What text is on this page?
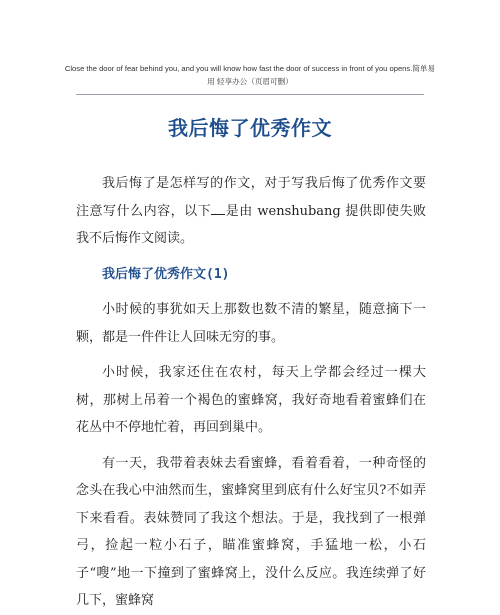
Close the door of fear behind you, and you will know how fast the door of success in front of you opens.简单易
用 轻享办公（页眉可删）
我后悔了优秀作文

我后悔了是怎样写的作文，对于写我后悔了优秀作文要注意写什么内容，以下 是由 wenshubang 提供即使失败我不后悔作文阅读。

我后悔了优秀作文(1)

小时候的事犹如天上那数也数不清的繁星，随意摘下一颗，都是一件件让人回味无穷的事。

小时候，我家还住在农村，每天上学都会经过一棵大树，那树上吊着一个褐色的蜜蜂窝，我好奇地看着蜜蜂们在花丛中不停地忙着，再回到巢中。

有一天，我带着表妹去看蜜蜂，看着看着，一种奇怪的念头在我心中油然而生，蜜蜂窝里到底有什么好宝贝?不如弄下来看看。表妹赞同了我这个想法。于是，我找到了一根弹弓，捡起一粒小石子，瞄准蜜蜂窝，手猛地一松，小石子“嗖”地一下撞到了蜜蜂窝上，没什么反应。我连续弹了好几下，蜜蜂窝
